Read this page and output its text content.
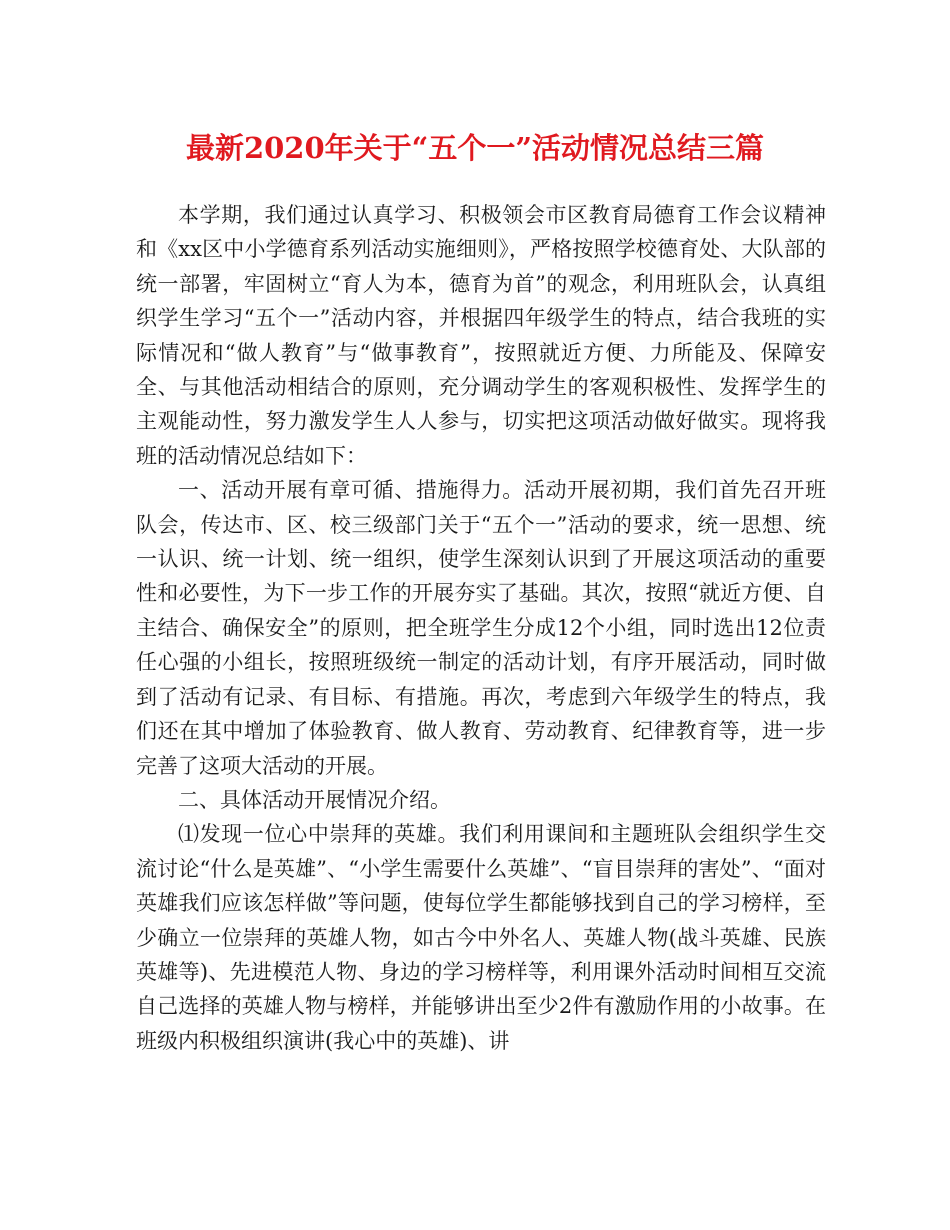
最新2020年关于“五个一”活动情况总结三篇

本学期，我们通过认真学习、积极领会市区教育局德育工作会议精神和《xx区中小学德育系列活动实施细则》，严格按照学校德育处、大队部的统一部署，牢固树立“育人为本，德育为首”的观念，利用班队会，认真组织学生学习“五个一”活动内容，并根据四年级学生的特点，结合我班的实际情况和“做人教育”与“做事教育”，按照就近方便、力所能及、保障安全、与其他活动相结合的原则，充分调动学生的客观积极性、发挥学生的主观能动性，努力激发学生人人参与，切实把这项活动做好做实。现将我班的活动情况总结如下：

一、活动开展有章可循、措施得力。活动开展初期，我们首先召开班队会，传达市、区、校三级部门关于“五个一”活动的要求，统一思想、统一认识、统一计划、统一组织，使学生深刻认识到了开展这项活动的重要性和必要性，为下一步工作的开展夯实了基础。其次，按照“就近方便、自主结合、确保安全”的原则，把全班学生分成12个小组，同时选出12位责任心强的小组长，按照班级统一制定的活动计划，有序开展活动，同时做到了活动有记录、有目标、有措施。再次，考虑到六年级学生的特点，我们还在其中增加了体验教育、做人教育、劳动教育、纪律教育等，进一步完善了这项大活动的开展。

二、具体活动开展情况介绍。

⑴发现一位心中崇拜的英雄。我们利用课间和主题班队会组织学生交流讨论“什么是英雄”、“小学生需要什么英雄”、“盲目崇拜的害处”、“面对英雄我们应该怎样做”等问题，使每位学生都能够找到自己的学习榜样，至少确立一位崇拜的英雄人物，如古今中外名人、英雄人物(战斗英雄、民族英雄等)、先进模范人物、身边的学习榜样等，利用课外活动时间相互交流自己选择的英雄人物与榜样，并能够讲出至少2件有激励作用的小故事。在班级内积极组织演讲(我心中的英雄)、讲
